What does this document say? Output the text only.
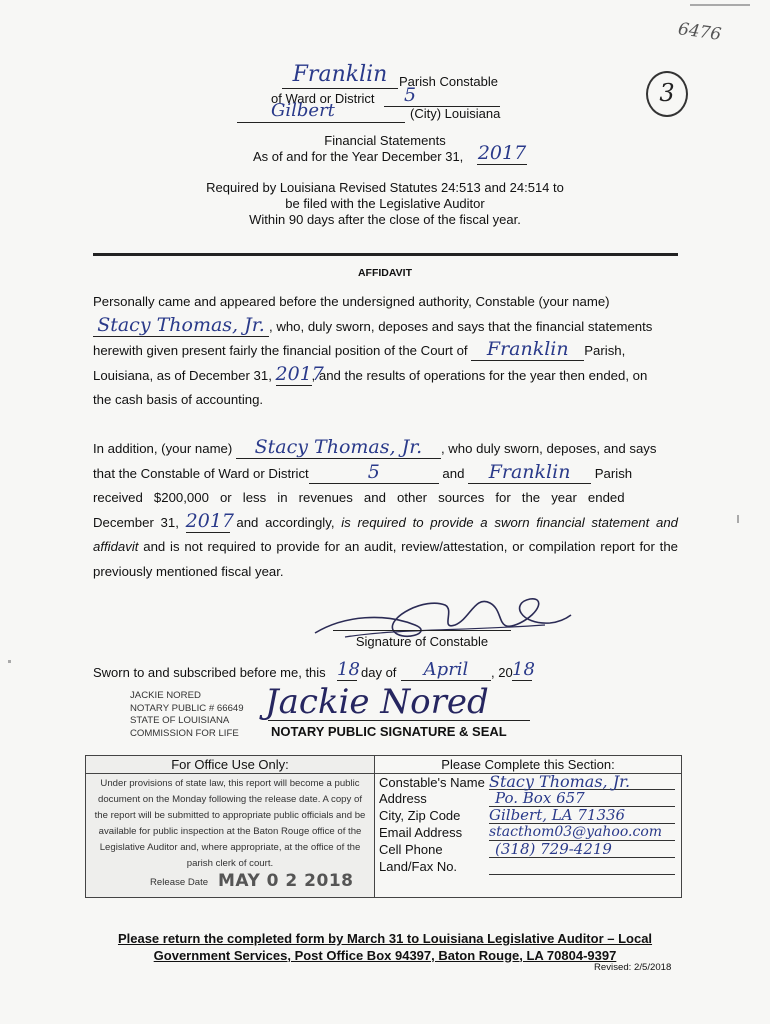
6476
3
Franklin Parish Constable
of Ward or District 5
Gilbert	(City) Louisiana
Financial Statements
As of and for the Year December 31, 2017
Required by Louisiana Revised Statutes 24:513 and 24:514 to
be filed with the Legislative Auditor
Within 90 days after the close of the fiscal year.
AFFIDAVIT
Personally came and appeared before the undersigned authority, Constable (your name)
Stacy Thomas, Jr. , who, duly sworn, deposes and says that the financial statements
herewith given present fairly the financial position of the Court of Franklin Parish,
Louisiana, as of December 31, 2017, and the results of operations for the year then ended, on
the cash basis of accounting.
In addition, (your name) Stacy Thomas, Jr. , who duly sworn, deposes, and says
that the Constable of Ward or District	5	and Franklin Parish
received $200,000 or less in revenues and other sources for the year ended
December 31, 2017 and accordingly, is required to provide a sworn financial statement and affidavit and is not required to provide for an audit, review/attestation, or compilation report for the previously mentioned fiscal year.
Signature of Constable
Sworn to and subscribed before me, this 18 day of	April	, 20 18
JACKIE NORED
NOTARY PUBLIC # 66649
STATE OF LOUISIANA
COMMISSION FOR LIFE
Jackie Nored
NOTARY PUBLIC SIGNATURE & SEAL
For Office Use Only:
Under provisions of state law, this report will become a public document on the Monday following the release date. A copy of the report will be submitted to appropriate public officials and be available for public inspection at the Baton Rouge office of the Legislative Auditor and, where appropriate, at the office of the parish clerk of court.
Release Date MAY 0 2 2018
Please Complete this Section:
Constable's Name Stacy Thomas, Jr.
Address	Po. Box 657
City, Zip Code Gilbert, LA 71336
Email Address stacthom03@yahoo.com
Cell Phone	(318) 729-4219
Land/Fax No.
Please return the completed form by March 31 to Louisiana Legislative Auditor – Local
Government Services, Post Office Box 94397, Baton Rouge, LA 70804-9397
Revised: 2/5/2018
